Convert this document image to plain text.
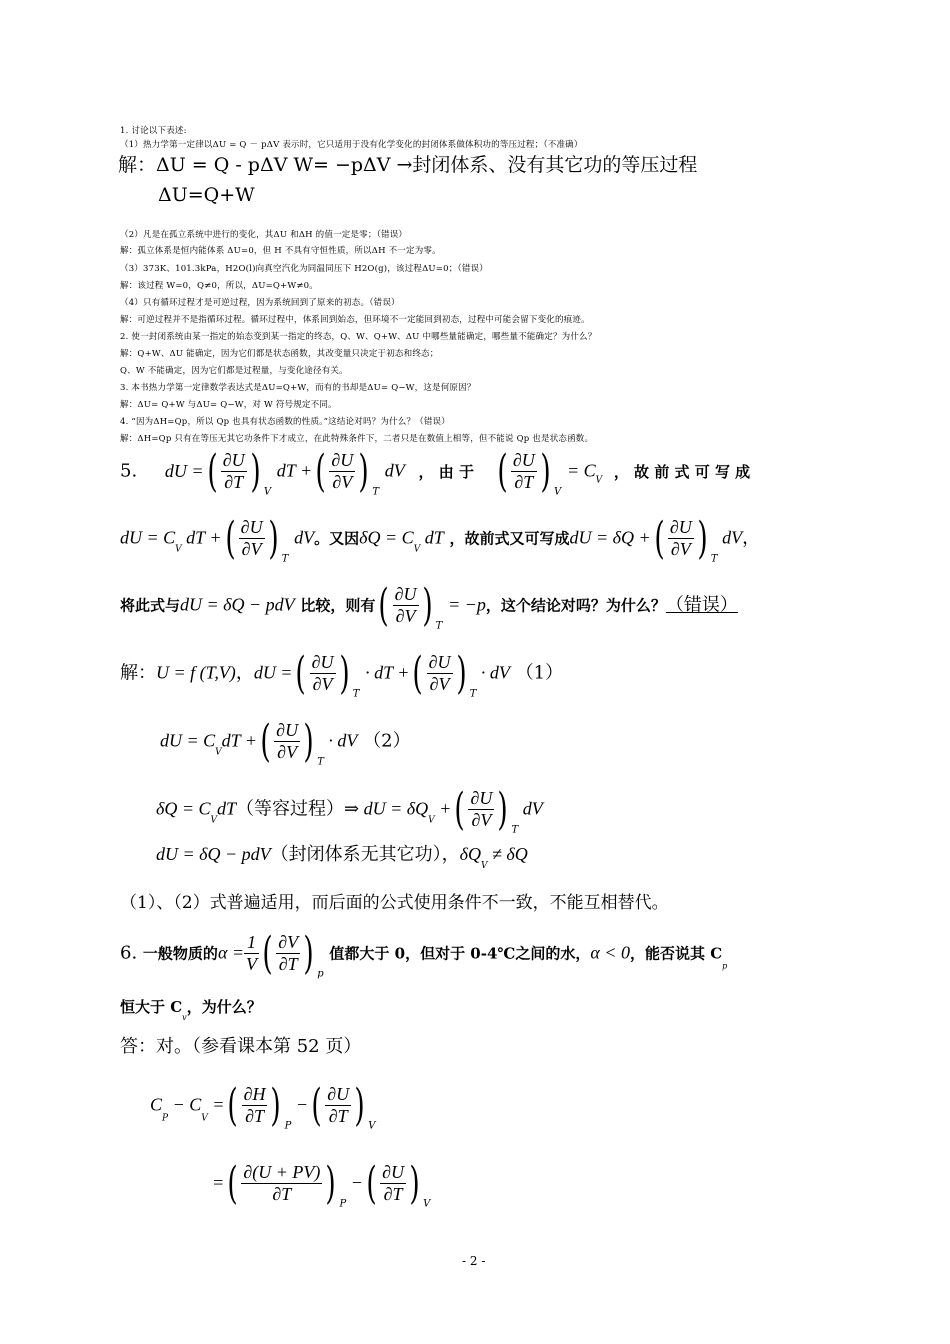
1. 讨论以下表述:
（1）热力学第一定律以ΔU = Q － pΔV 表示时，它只适用于没有化学变化的封闭体系做体积功的等压过程；（不准确）
解：ΔU = Q - pΔV W= −pΔV →封闭体系、没有其它功的等压过程
ΔU=Q+W
（2）凡是在孤立系统中进行的变化，其ΔU 和ΔH 的值一定是零；（错误）
解：孤立体系是恒内能体系 ΔU=0，但 H 不具有守恒性质，所以ΔH 不一定为零。
（3）373K、101.3kPa，H2O(l)向真空汽化为同温同压下 H2O(g)，该过程ΔU=0；（错误）
解：该过程 W=0，Q≠0，所以，ΔU=Q+W≠0。
（4）只有循环过程才是可逆过程，因为系统回到了原来的初态。（错误）
解：可逆过程并不是指循环过程。循环过程中，体系回到始态，但环境不一定能回到初态，过程中可能会留下变化的痕迹。
2. 使一封闭系统由某一指定的始态变到某一指定的终态，Q、W、Q+W、ΔU 中哪些量能确定，哪些量不能确定？为什么？
解：Q+W、ΔU 能确定，因为它们都是状态函数，其改变量只决定于初态和终态；
Q、W 不能确定，因为它们都是过程量，与变化途径有关。
3. 本书热力学第一定律数学表达式是ΔU=Q+W，而有的书却是ΔU= Q−W，这是何原因？
解：ΔU= Q+W 与ΔU= Q−W，对 W 符号规定不同。
4. “因为ΔH=Qp，所以 Qp 也具有状态函数的性质。”这结论对吗？为什么？（错误）
解：ΔH=Qp 只有在等压无其它功条件下才成立，在此特殊条件下，二者只是在数值上相等，但不能说 Qp 也是状态函数。
5. dU =( $\frac{\partial U}{\partial T}$ ) $_V$ dT +( $\frac{\partial U}{\partial V}$ ) $_T$ dV ， 由 于 ( $\frac{\partial U}{\partial T}$ ) $_V = C_V$ ， 故 前 式 可 写 成
dU = $C_V$ dT +( $\frac{\partial U}{\partial V}$ ) $_T$ dV。又因$\delta Q = C_V$ dT ，故前式又可写成dU = δQ +( $\frac{\partial U}{\partial V}$ ) $_T$ dV，
将此式与dU = δQ − pdV 比较，则有( $\frac{\partial U}{\partial V}$ ) $_T$ = −p，这个结论对吗？为什么？（错误）
解：U = f (T,V)，dU =( $\frac{\partial U}{\partial V}$ ) $_T$ · dT +( $\frac{\partial U}{\partial V}$ ) $_T$ · dV （1）
dU = $C_VdT$ +( $\frac{\partial U}{\partial V}$ ) $_T$ · dV （2）
$\delta Q = C_VdT$（等容过程）⇒ dU = $\delta Q_V$ +( $\frac{\partial U}{\partial V}$ ) $_T$ dV
dU = δQ − pdV（封闭体系无其它功），$\delta Q_V \ne \delta Q$
（1）、（2）式普遍适用，而后面的公式使用条件不一致，不能互相替代。
6. 一般物质的$\alpha = \frac{1}{V}$ ( $\frac{\partial V}{\partial T}$ ) $_p$ 值都大于 0，但对于 0-4℃之间的水，α < 0，能否说其 $C_p$
恒大于 $C_v$，为什么？
答：对。（参看课本第 52 页）
$C_P - C_V$ =( $\frac{\partial H}{\partial T}$ ) $_P$ −( $\frac{\partial U}{\partial T}$ ) $_V$
=( $\frac{\partial(U + PV)}{\partial T}$ ) $_P$ −( $\frac{\partial U}{\partial T}$ ) $_V$
- 2 -
